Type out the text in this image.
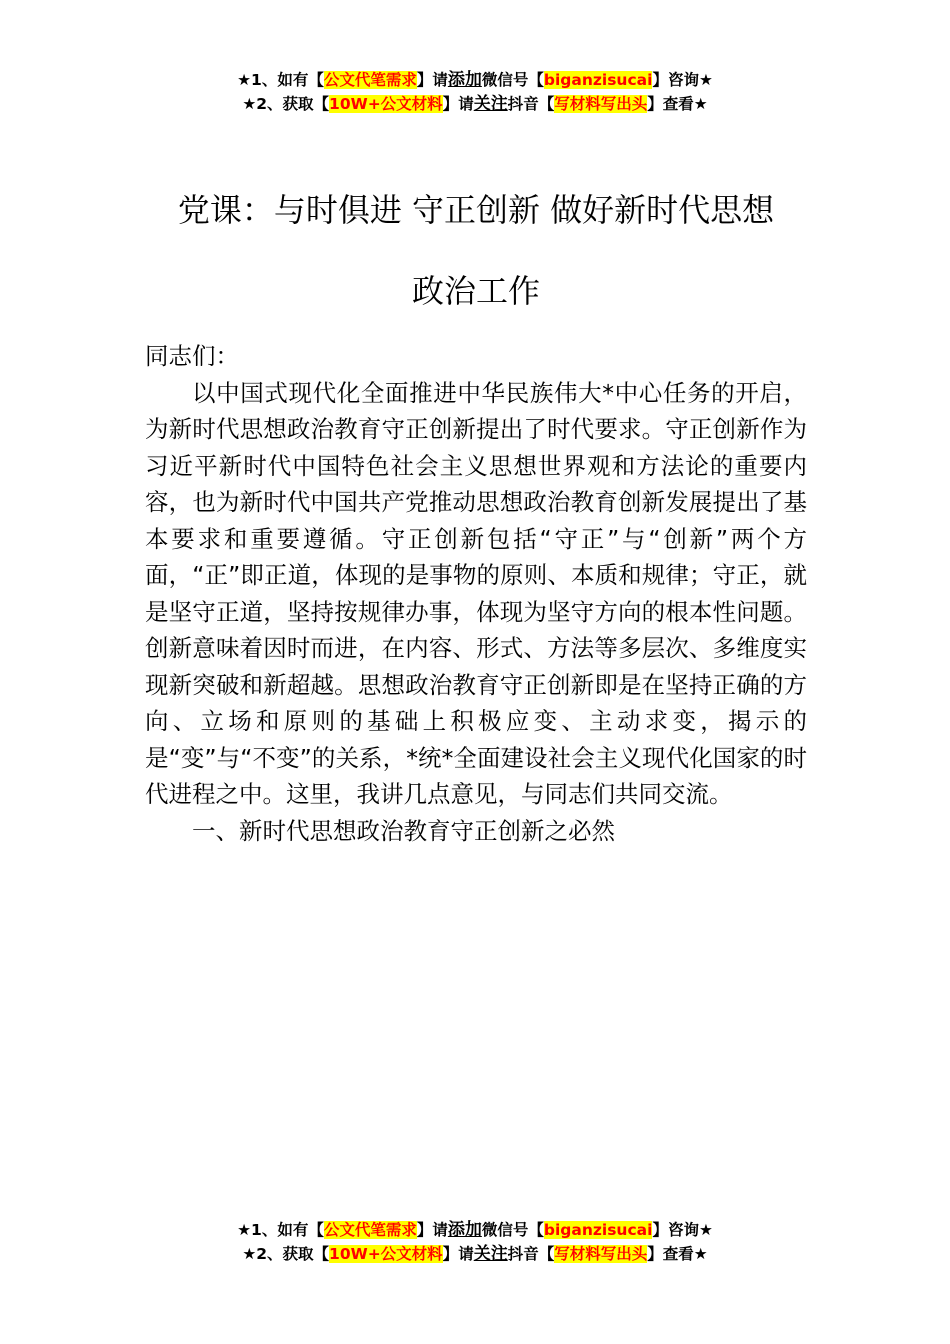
★1、如有【公文代笔需求】请添加微信号【biganzisucai】咨询★
★2、获取【10W+公文材料】请关注抖音【写材料写出头】查看★
党课：与时俱进 守正创新 做好新时代思想
政治工作

同志们：

以中国式现代化全面推进中华民族伟大*中心任务的开启，为新时代思想政治教育守正创新提出了时代要求。守正创新作为习近平新时代中国特色社会主义思想世界观和方法论的重要内容，也为新时代中国共产党推动思想政治教育创新发展提出了基本要求和重要遵循。守正创新包括“守正”与“创新”两个方面，“正”即正道，体现的是事物的原则、本质和规律；守正，就是坚守正道，坚持按规律办事，体现为坚守方向的根本性问题。创新意味着因时而进，在内容、形式、方法等多层次、多维度实现新突破和新超越。思想政治教育守正创新即是在坚持正确的方向、立场和原则的基础上积极应变、主动求变，揭示的是“变”与“不变”的关系，*统*全面建设社会主义现代化国家的时代进程之中。这里，我讲几点意见，与同志们共同交流。

一、新时代思想政治教育守正创新之必然

★1、如有【公文代笔需求】请添加微信号【biganzisucai】咨询★
★2、获取【10W+公文材料】请关注抖音【写材料写出头】查看★
